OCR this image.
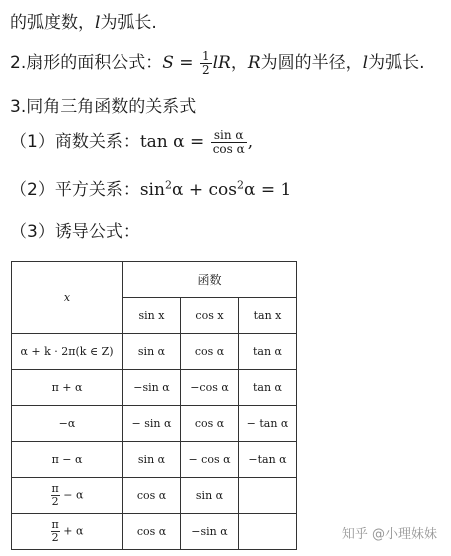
的弧度数，l为弧长.
2.扇形的面积公式：$S = \frac{1}{2}$ lR，R为圆的半径，l为弧长.
3.同角三角函数的关系式
（1）商数关系：$\tan \alpha = \frac{\text{sin α}}{\text{cos α}}$ ,
（2）平方关系：$\sin^2\alpha + \cos^2\alpha = 1$
（3）诱导公式：
x	函数		
	sin x	cos x	tan x
α + k · 2π(k ∈ Z)	sin α	cos α	tan α
π + α	−sin α	−cos α	tan α
−α	− sin α	cos α	− tan α
π − α	sin α	− cos α	−tan α

$\frac{\pi}{2} - \alpha$	cos α	sin α	

$\frac{\pi}{2} + \alpha$	cos α	−sin α		知乎 @小理妹妹
